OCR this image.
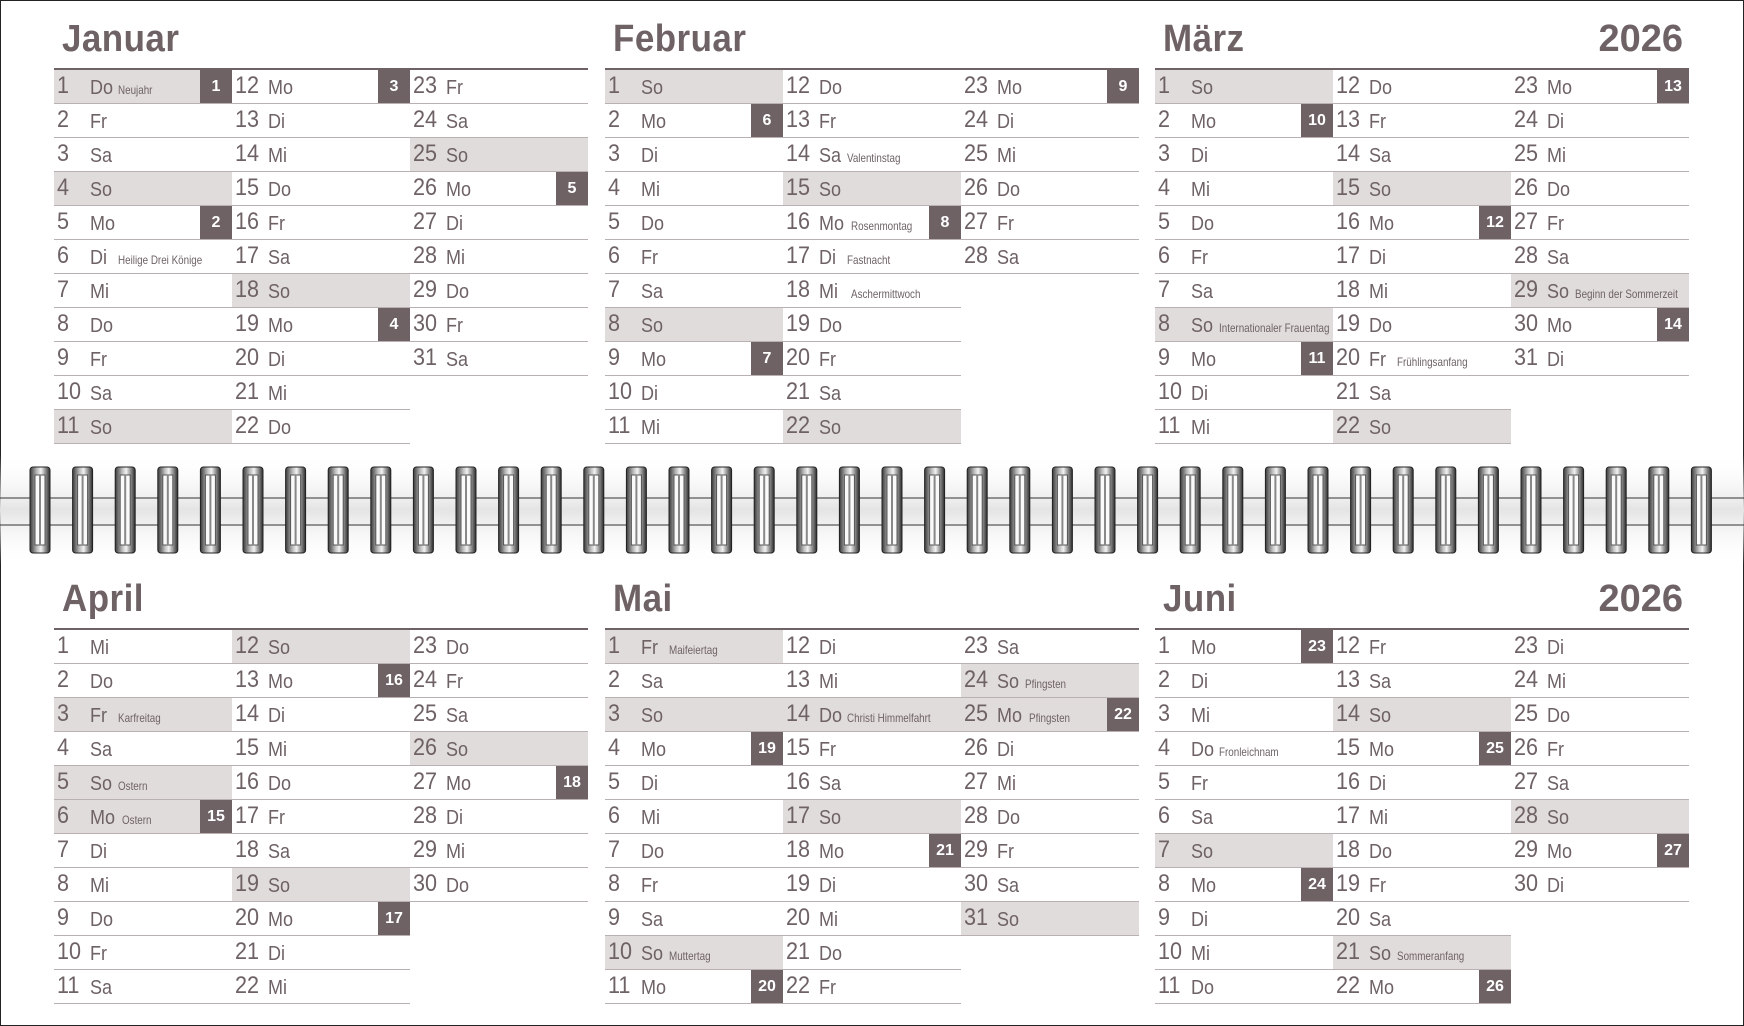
Januar
1 Do Neujahr	1
2 Fr
3 Sa
4 So
5 Mo	2
6 Di Heilige Drei Könige
7 Mi
8 Do
9 Fr
10 Sa
11 So
12 Mo	3
13 Di
14 Mi
15 Do
16 Fr
17 Sa
18 So
19 Mo	4
20 Di
21 Mi
22 Do
23 Fr
24 Sa
25 So
26 Mo	5
27 Di
28 Mi
29 Do
30 Fr
31 Sa
Februar
1 So
2 Mo	6
3 Di
4 Mi
5 Do
6 Fr
7 Sa
8 So
9 Mo	7
10 Di
11 Mi
12 Do
13 Fr
14 Sa Valentinstag
15 So
16 Mo Rosenmontag	8
17 Di Fastnacht
18 Mi Aschermittwoch
19 Do
20 Fr
21 Sa
22 So
23 Mo	9
24 Di
25 Mi
26 Do
27 Fr
28 Sa
März	2026
1 So
2 Mo	10
3 Di
4 Mi
5 Do
6 Fr
7 Sa
8 So Internationaler Frauentag
9 Mo	11
10 Di
11 Mi
12 Do
13 Fr
14 Sa
15 So
16 Mo	12
17 Di
18 Mi
19 Do
20 Fr Frühlingsanfang
21 Sa
22 So
23 Mo	13
24 Di
25 Mi
26 Do
27 Fr
28 Sa
29 So Beginn der Sommerzeit
30 Mo	14
31 Di
April
1 Mi
2 Do
3 Fr Karfreitag
4 Sa
5 So Ostern
6 Mo Ostern	15
7 Di
8 Mi
9 Do
10 Fr
11 Sa
12 So
13 Mo	16
14 Di
15 Mi
16 Do
17 Fr
18 Sa
19 So
20 Mo	17
21 Di
22 Mi
23 Do
24 Fr
25 Sa
26 So
27 Mo	18
28 Di
29 Mi
30 Do
Mai
1 Fr Maifeiertag
2 Sa
3 So
4 Mo	19
5 Di
6 Mi
7 Do
8 Fr
9 Sa
10 So Muttertag
11 Mo	20
12 Di
13 Mi
14 Do Christi Himmelfahrt
15 Fr
16 Sa
17 So
18 Mo	21
19 Di
20 Mi
21 Do
22 Fr
23 Sa
24 So Pfingsten
25 Mo Pfingsten	22
26 Di
27 Mi
28 Do
29 Fr
30 Sa
31 So
Juni	2026
1 Mo	23
2 Di
3 Mi
4 Do Fronleichnam
5 Fr
6 Sa
7 So
8 Mo	24
9 Di
10 Mi
11 Do
12 Fr
13 Sa
14 So
15 Mo	25
16 Di
17 Mi
18 Do
19 Fr
20 Sa
21 So Sommeranfang
22 Mo	26
23 Di
24 Mi
25 Do
26 Fr
27 Sa
28 So
29 Mo	27
30 Di
